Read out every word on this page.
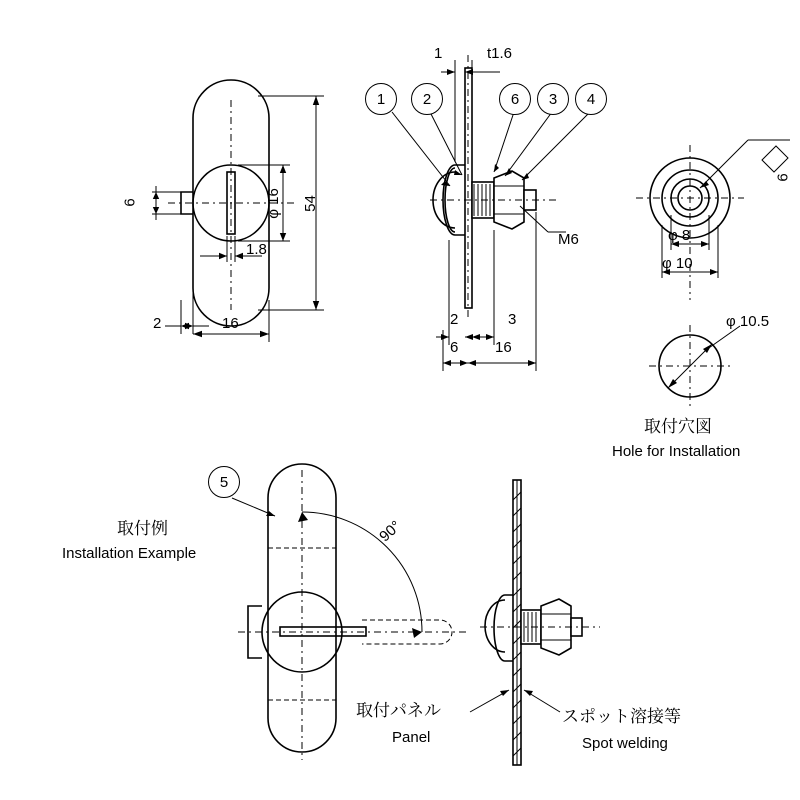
1	2	6	3	4
5
6	φ 16 54
1.8
2	16
1	t1.6
M6
2	3
6 16
6
φ 8
φ 10
φ 10.5
取付穴図
Hole for Installation
取付例
Installation Example
90°
取付パネル
Panel
スポット溶接等
Spot welding
